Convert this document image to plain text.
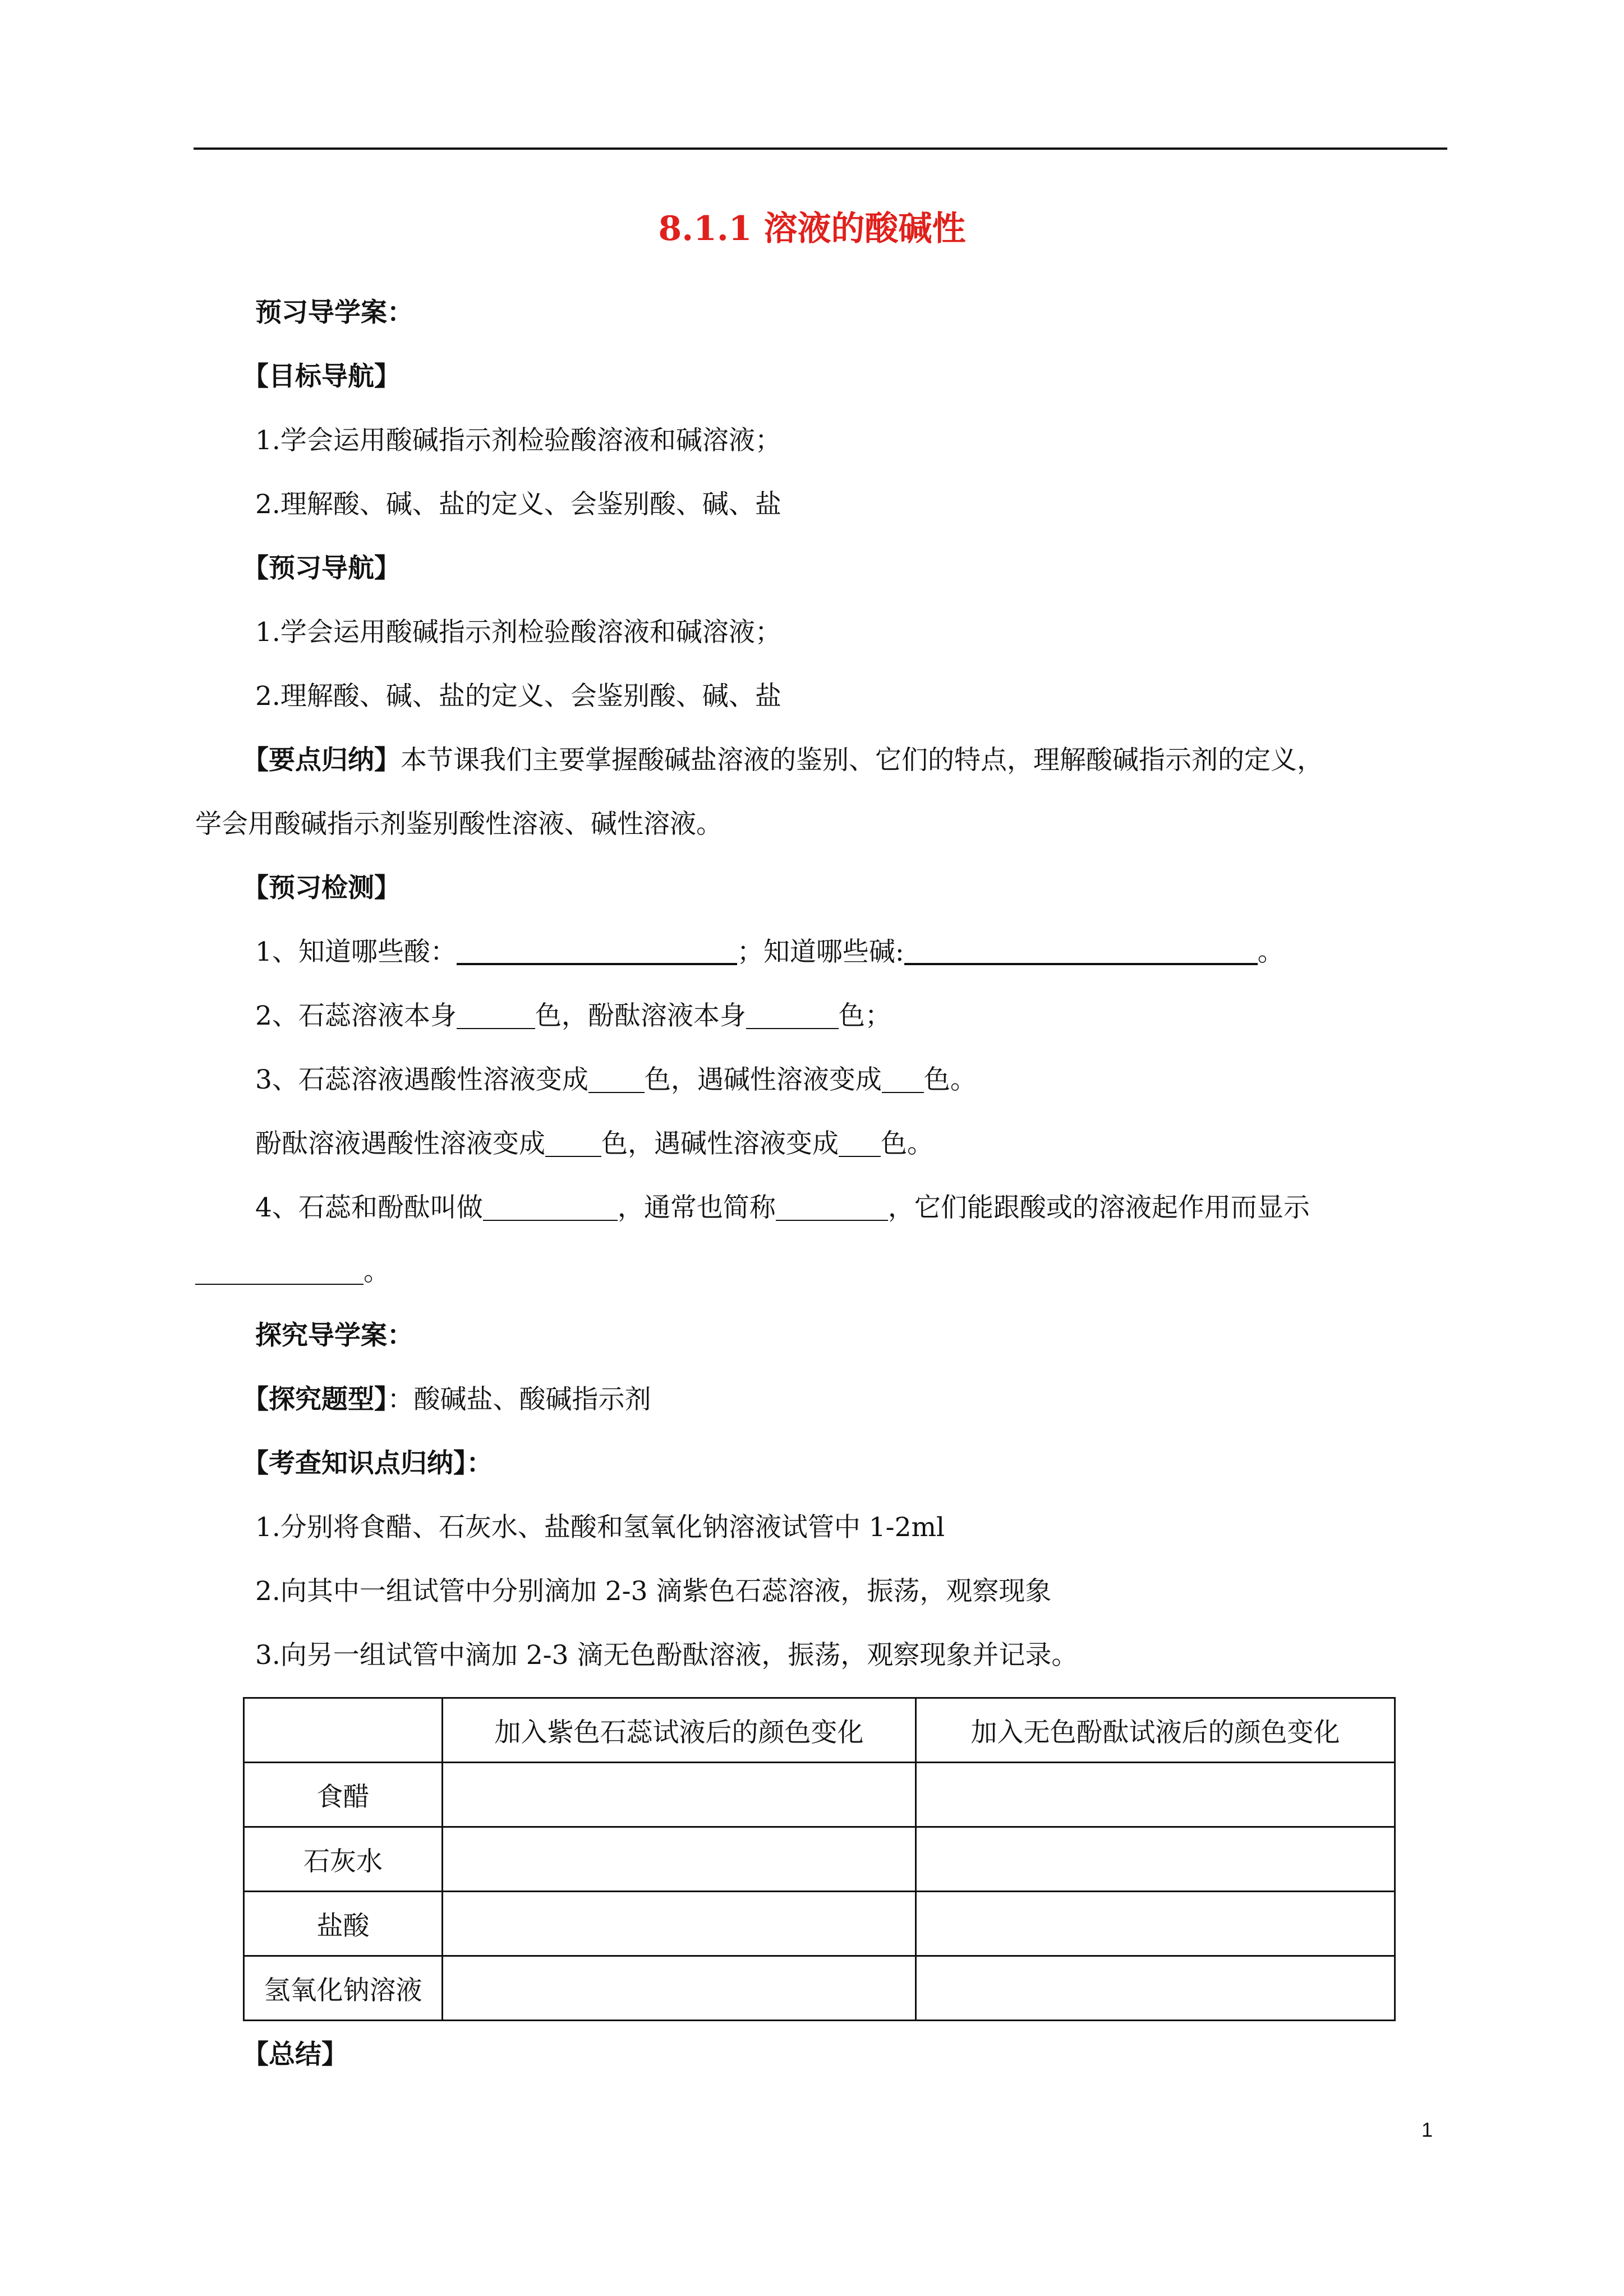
8.1.1 溶液的酸碱性
预习导学案：
【目标导航】
1.学会运用酸碱指示剂检验酸溶液和碱溶液；
2.理解酸、碱、盐的定义、会鉴别酸、碱、盐
【预习导航】
1.学会运用酸碱指示剂检验酸溶液和碱溶液；
2.理解酸、碱、盐的定义、会鉴别酸、碱、盐
【要点归纳】本节课我们主要掌握酸碱盐溶液的鉴别、它们的特点，理解酸碱指示剂的定义，
学会用酸碱指示剂鉴别酸性溶液、碱性溶液。
【预习检测】
1、知道哪些酸：	；知道哪些碱:	。
2、石蕊溶液本身	色，酚酞溶液本身	色；
3、石蕊溶液遇酸性溶液变成 色，遇碱性溶液变成 色。
酚酞溶液遇酸性溶液变成 色，遇碱性溶液变成 色。
4、石蕊和酚酞叫做	，通常也简称	，它们能跟酸或的溶液起作用而显示
。
探究导学案：
【探究题型】：酸碱盐、酸碱指示剂
【考查知识点归纳】：
1.分别将食醋、石灰水、盐酸和氢氧化钠溶液试管中 1-2ml
2.向其中一组试管中分别滴加 2-3 滴紫色石蕊溶液，振荡，观察现象
3.向另一组试管中滴加 2-3 滴无色酚酞溶液，振荡，观察现象并记录。
	加入紫色石蕊试液后的颜色变化	加入无色酚酞试液后的颜色变化
食醋		
石灰水		
盐酸		
氢氧化钠溶液		
【总结】
1
